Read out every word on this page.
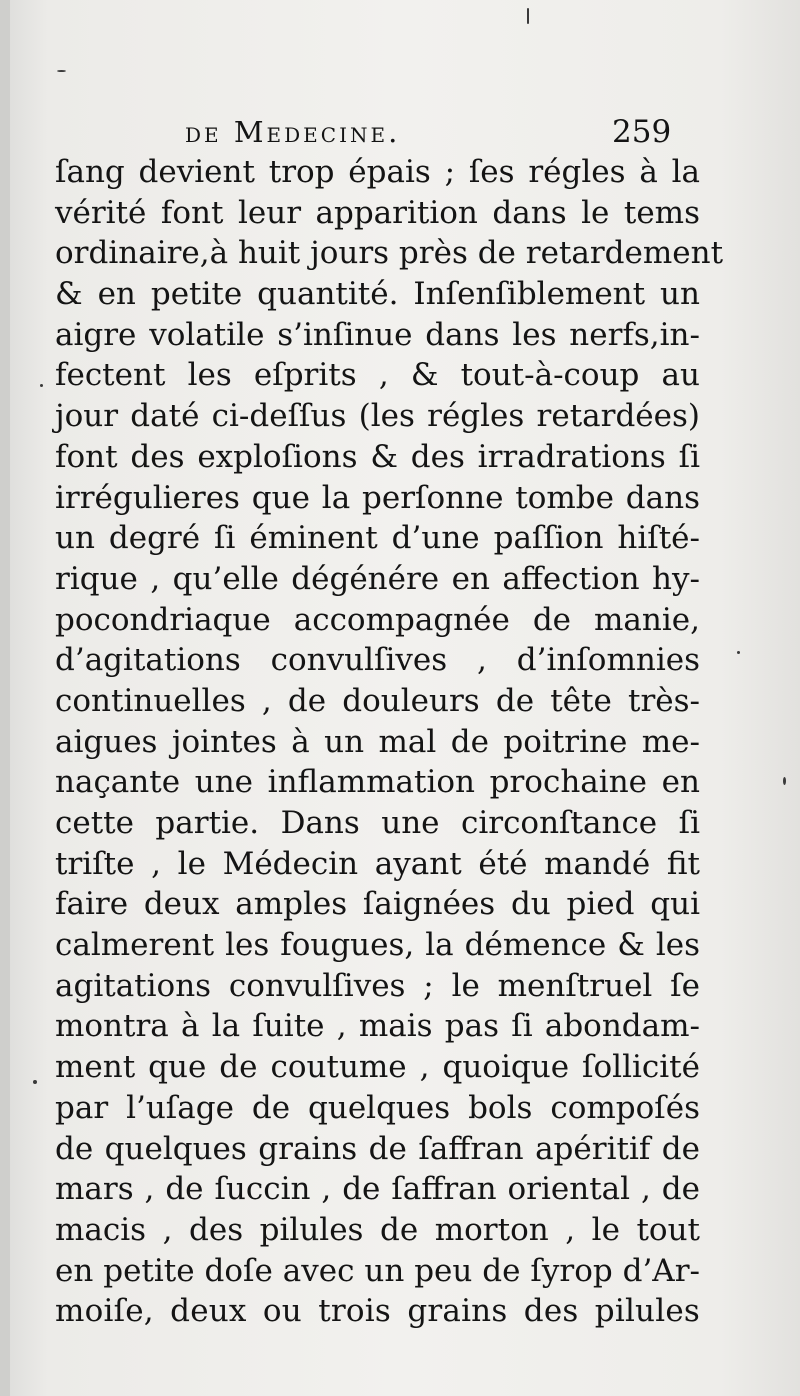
de Medecine.	259
ſang devient trop épais ; ſes régles à la
vérité font leur apparition dans le tems
ordinaire,à huit jours près de retardement
& en petite quantité. Inſenſiblement un
aigre volatile s’inſinue dans les nerfs,in-
fectent les eſprits , & tout-à-coup au
jour daté ci-deſſus (les régles retardées)
font des exploſions & des irradrations ſi
irrégulieres que la perſonne tombe dans
un degré ſi éminent d’une paſſion hiſté-
rique , qu’elle dégénére en affection hy-
pocondriaque accompagnée de manie,
d’agitations convulſives , d’inſomnies
continuelles , de douleurs de tête très-
aigues jointes à un mal de poitrine me-
naçante une inflammation prochaine en
cette partie. Dans une circonſtance ſi
triſte , le Médecin ayant été mandé fit
faire deux amples ſaignées du pied qui
calmerent les fougues, la démence & les
agitations convulſives ; le menſtruel ſe
montra à la ſuite , mais pas ſi abondam-
ment que de coutume , quoique ſollicité
par l’uſage de quelques bols compoſés
de quelques grains de ſaffran apéritif de
mars , de ſuccin , de ſaffran oriental , de
macis , des pilules de morton , le tout
en petite doſe avec un peu de ſyrop d’Ar-
moiſe, deux ou trois grains des pilules
